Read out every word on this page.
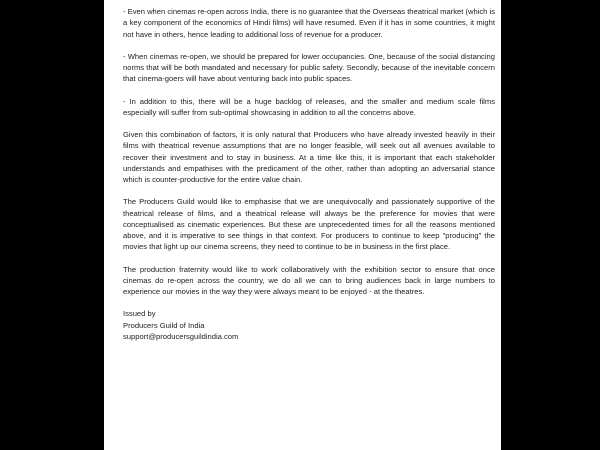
- Even when cinemas re-open across India, there is no guarantee that the Overseas theatrical market (which is a key component of the economics of Hindi films) will have resumed. Even if it has in some countries, it might not have in others, hence leading to additional loss of revenue for a producer.

- When cinemas re-open, we should be prepared for lower occupancies. One, because of the social distancing norms that will be both mandated and necessary for public safety. Secondly, because of the inevitable concern that cinema-goers will have about venturing back into public spaces.

- In addition to this, there will be a huge backlog of releases, and the smaller and medium scale films especially will suffer from sub-optimal showcasing in addition to all the concerns above.

Given this combination of factors, it is only natural that Producers who have already invested heavily in their films with theatrical revenue assumptions that are no longer feasible, will seek out all avenues available to recover their investment and to stay in business. At a time like this, it is important that each stakeholder understands and empathises with the predicament of the other, rather than adopting an adversarial stance which is counter-productive for the entire value chain.

The Producers Guild would like to emphasise that we are unequivocally and passionately supportive of the theatrical release of films, and a theatrical release will always be the preference for movies that were conceptualised as cinematic experiences. But these are unprecedented times for all the reasons mentioned above, and it is imperative to see things in that context. For producers to continue to keep "producing" the movies that light up our cinema screens, they need to continue to be in business in the first place.

The production fraternity would like to work collaboratively with the exhibition sector to ensure that once cinemas do re-open across the country, we do all we can to bring audiences back in large numbers to experience our movies in the way they were always meant to be enjoyed - at the theatres.

Issued by

Producers Guild of India

support@producersguildindia.com
